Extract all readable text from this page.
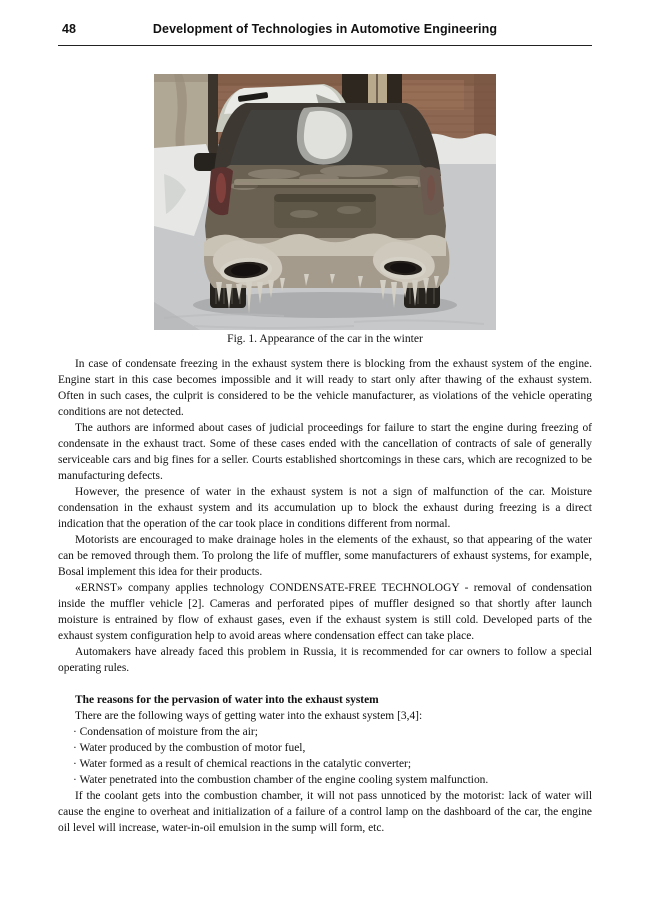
48	Development of Technologies in Automotive Engineering
Fig. 1. Appearance of the car in the winter

In case of condensate freezing in the exhaust system there is blocking from the exhaust system of the engine. Engine start in this case becomes impossible and it will ready to start only after thawing of the exhaust system. Often in such cases, the culprit is considered to be the vehicle manufacturer, as violations of the vehicle operating conditions are not detected.

The authors are informed about cases of judicial proceedings for failure to start the engine during freezing of condensate in the exhaust tract. Some of these cases ended with the cancellation of contracts of sale of generally serviceable cars and big fines for a seller. Courts established shortcomings in these cars, which are recognized to be manufacturing defects.

However, the presence of water in the exhaust system is not a sign of malfunction of the car. Moisture condensation in the exhaust system and its accumulation up to block the exhaust during freezing is a direct indication that the operation of the car took place in conditions different from normal.

Motorists are encouraged to make drainage holes in the elements of the exhaust, so that appearing of the water can be removed through them. To prolong the life of muffler, some manufacturers of exhaust systems, for example, Bosal implement this idea for their products.

«ERNST» company applies technology CONDENSATE-FREE TECHNOLOGY - removal of condensation inside the muffler vehicle [2]. Cameras and perforated pipes of muffler designed so that shortly after launch moisture is entrained by flow of exhaust gases, even if the exhaust system is still cold. Developed parts of the exhaust system configuration help to avoid areas where condensation effect can take place.

Automakers have already faced this problem in Russia, it is recommended for car owners to follow a special operating rules.

The reasons for the pervasion of water into the exhaust system

There are the following ways of getting water into the exhaust system [3,4]:

· Condensation of moisture from the air;

· Water produced by the combustion of motor fuel,

· Water formed as a result of chemical reactions in the catalytic converter;

· Water penetrated into the combustion chamber of the engine cooling system malfunction.

If the coolant gets into the combustion chamber, it will not pass unnoticed by the motorist: lack of water will cause the engine to overheat and initialization of a failure of a control lamp on the dashboard of the car, the engine oil level will increase, water-in-oil emulsion in the sump will form, etc.
